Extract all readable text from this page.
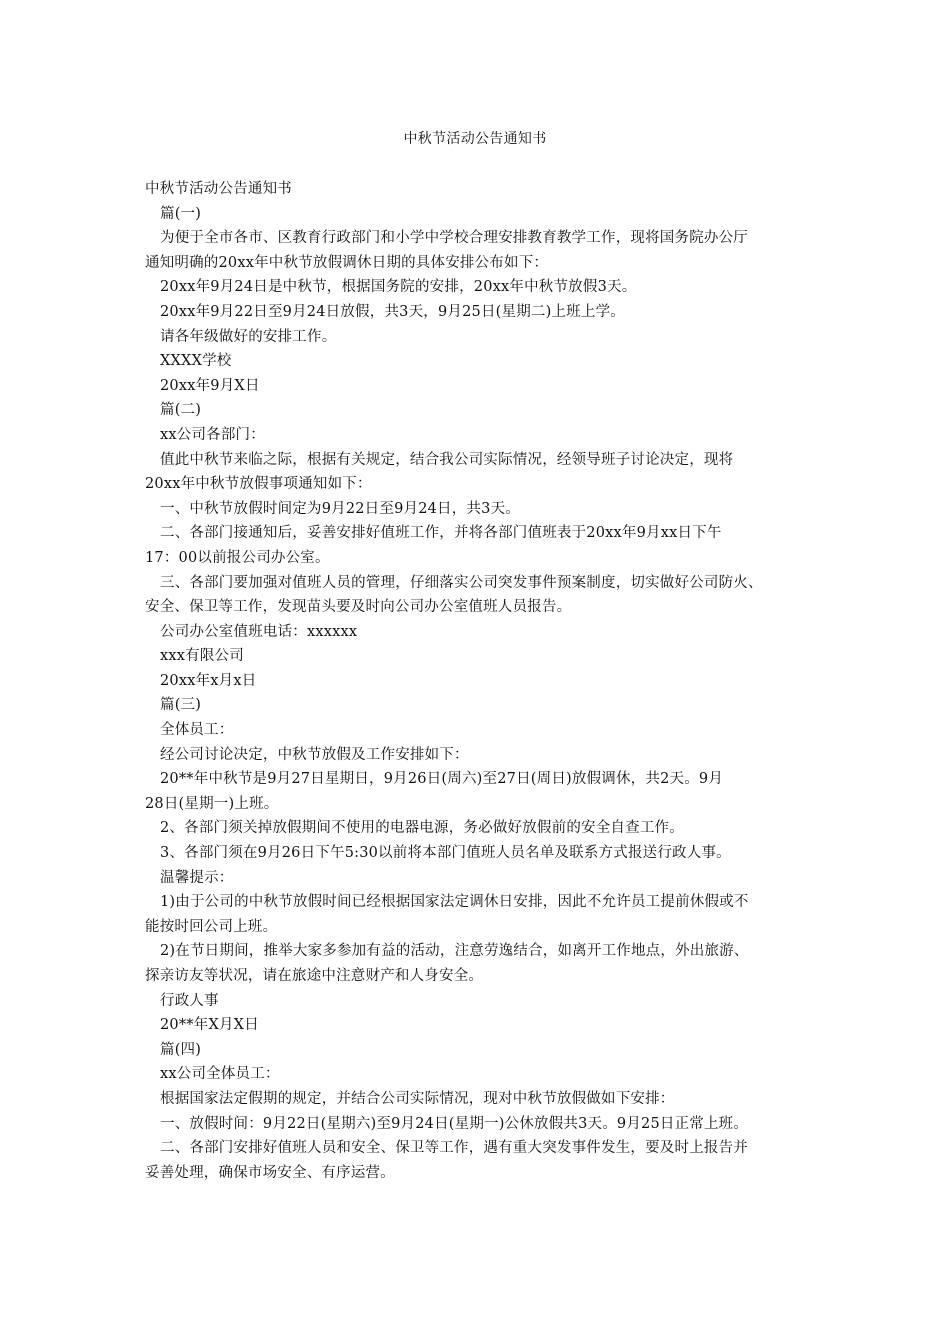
中秋节活动公告通知书
中秋节活动公告通知书
篇(一)
为便于全市各市、区教育行政部门和小学中学校合理安排教育教学工作，现将国务院办公厅
通知明确的20xx年中秋节放假调休日期的具体安排公布如下：
20xx年9月24日是中秋节，根据国务院的安排，20xx年中秋节放假3天。
20xx年9月22日至9月24日放假，共3天，9月25日(星期二)上班上学。
请各年级做好的安排工作。
XXXX学校
20xx年9月X日
篇(二)
xx公司各部门：
值此中秋节来临之际，根据有关规定，结合我公司实际情况，经领导班子讨论决定，现将
20xx年中秋节放假事项通知如下：
一、中秋节放假时间定为9月22日至9月24日，共3天。
二、各部门接通知后，妥善安排好值班工作，并将各部门值班表于20xx年9月xx日下午
17：00以前报公司办公室。
三、各部门要加强对值班人员的管理，仔细落实公司突发事件预案制度，切实做好公司防火、
安全、保卫等工作，发现苗头要及时向公司办公室值班人员报告。
公司办公室值班电话：xxxxxx
xxx有限公司
20xx年x月x日
篇(三)
全体员工：
经公司讨论决定，中秋节放假及工作安排如下：
20**年中秋节是9月27日星期日，9月26日(周六)至27日(周日)放假调休，共2天。9月
28日(星期一)上班。
2、各部门须关掉放假期间不使用的电器电源，务必做好放假前的安全自查工作。
3、各部门须在9月26日下午5:30以前将本部门值班人员名单及联系方式报送行政人事。
温馨提示：
1)由于公司的中秋节放假时间已经根据国家法定调休日安排，因此不允许员工提前休假或不
能按时回公司上班。
2)在节日期间，推举大家多参加有益的活动，注意劳逸结合，如离开工作地点，外出旅游、
探亲访友等状况，请在旅途中注意财产和人身安全。
行政人事
20**年X月X日
篇(四)
xx公司全体员工：
根据国家法定假期的规定，并结合公司实际情况，现对中秋节放假做如下安排：
一、放假时间：9月22日(星期六)至9月24日(星期一)公休放假共3天。9月25日正常上班。
二、各部门安排好值班人员和安全、保卫等工作，遇有重大突发事件发生，要及时上报告并
妥善处理，确保市场安全、有序运营。
